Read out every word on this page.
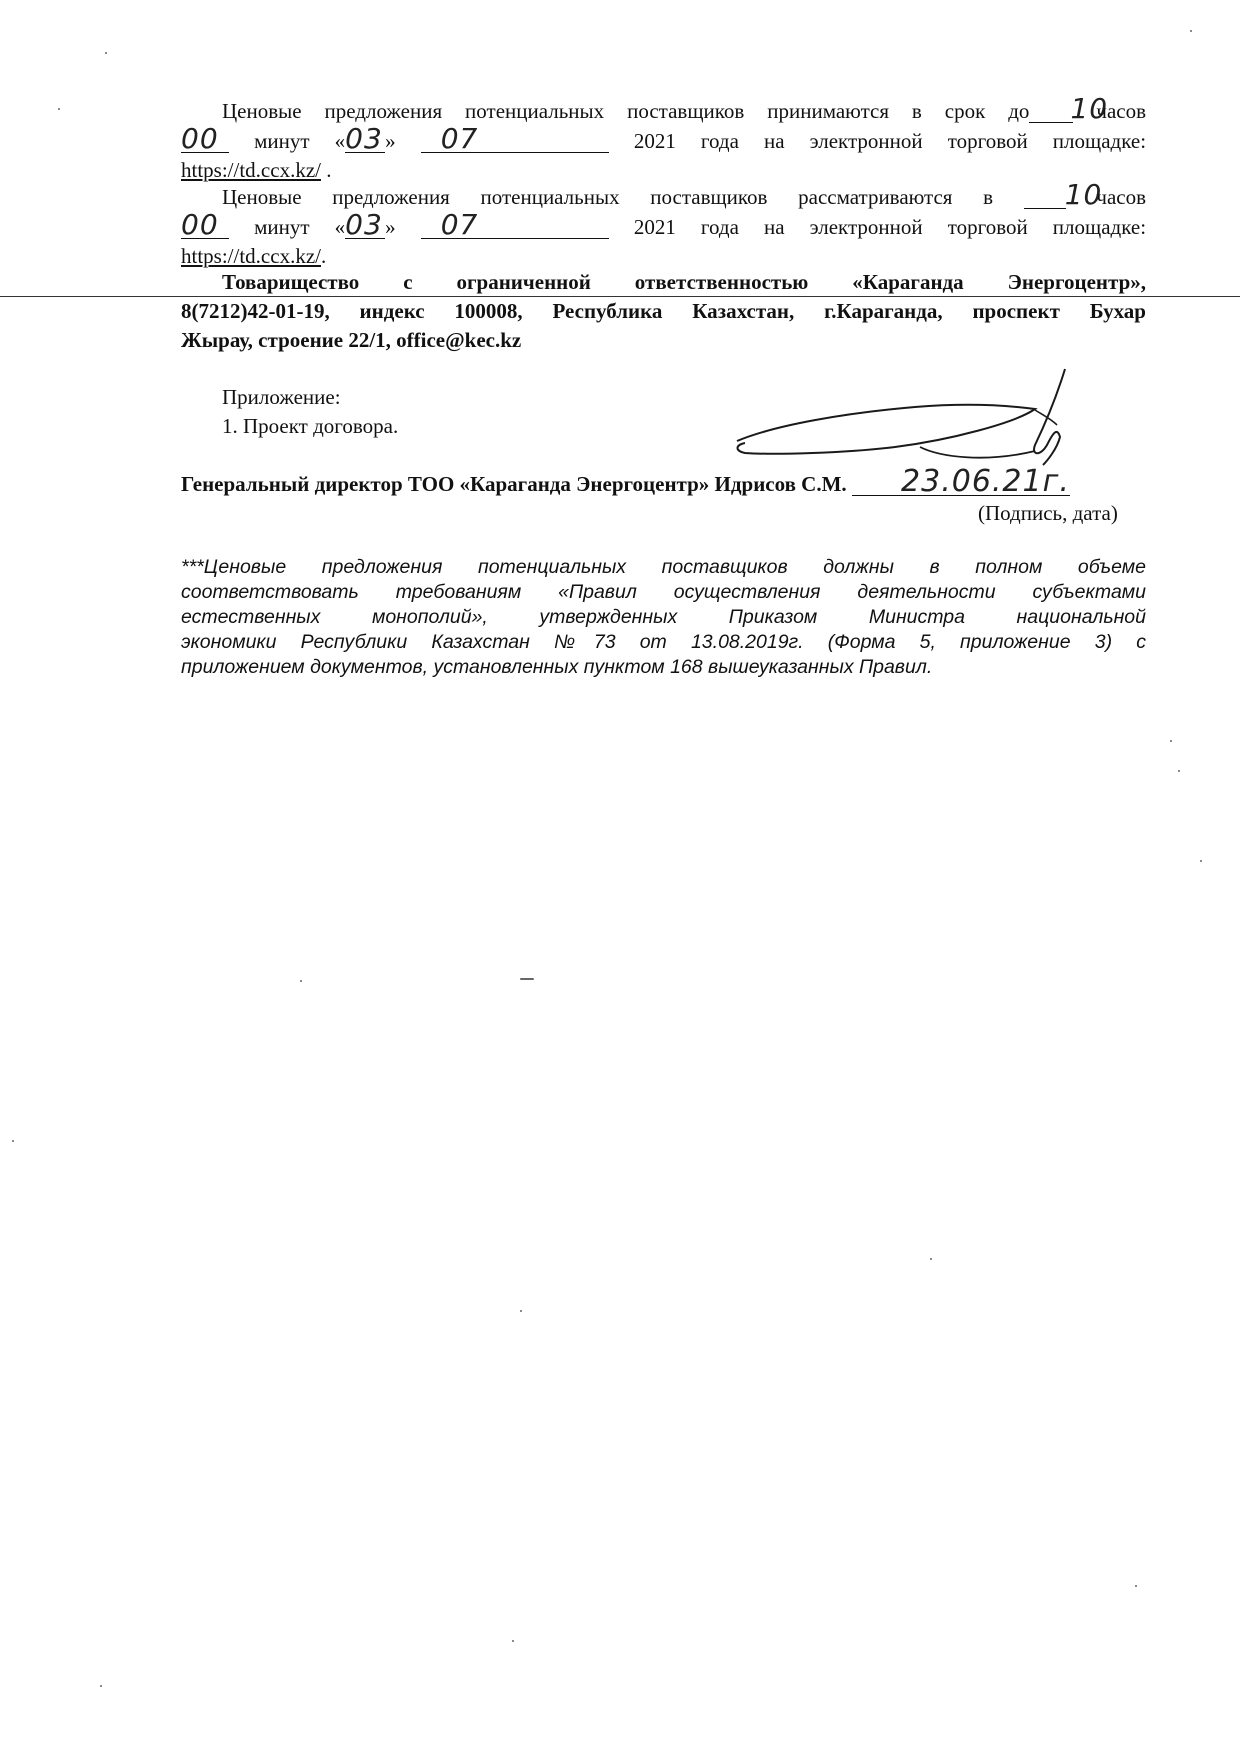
Ценовые предложения потенциальных поставщиков принимаются в срок до 10 часов
00 минут «03 » 07	2021 года на электронной торговой площадке:
https://td.ccx.kz/ .
Ценовые предложения потенциальных поставщиков рассматриваются в	10 часов
00 минут «03 » 07	2021 года на электронной торговой площадке:
https://td.ccx.kz/.
Товарищество с ограниченной ответственностью «Караганда Энергоцентр»,
8(7212)42-01-19, индекс 100008, Республика Казахстан, г.Караганда, проспект Бухар
Жырау, строение 22/1, office@kec.kz
Приложение:
1. Проект договора.
Генеральный директор ТОО «Караганда Энергоцентр» Идрисов С.М. 23.06.21г.
(Подпись, дата)
***Ценовые предложения потенциальных поставщиков должны в полном объеме
соответствовать требованиям «Правил осуществления деятельности субъектами
естественных монополий», утвержденных Приказом Министра национальной
экономики Республики Казахстан №73 от 13.08.2019г. (Форма 5, приложение 3) с
приложением документов, установленных пунктом 168 вышеуказанных Правил.
